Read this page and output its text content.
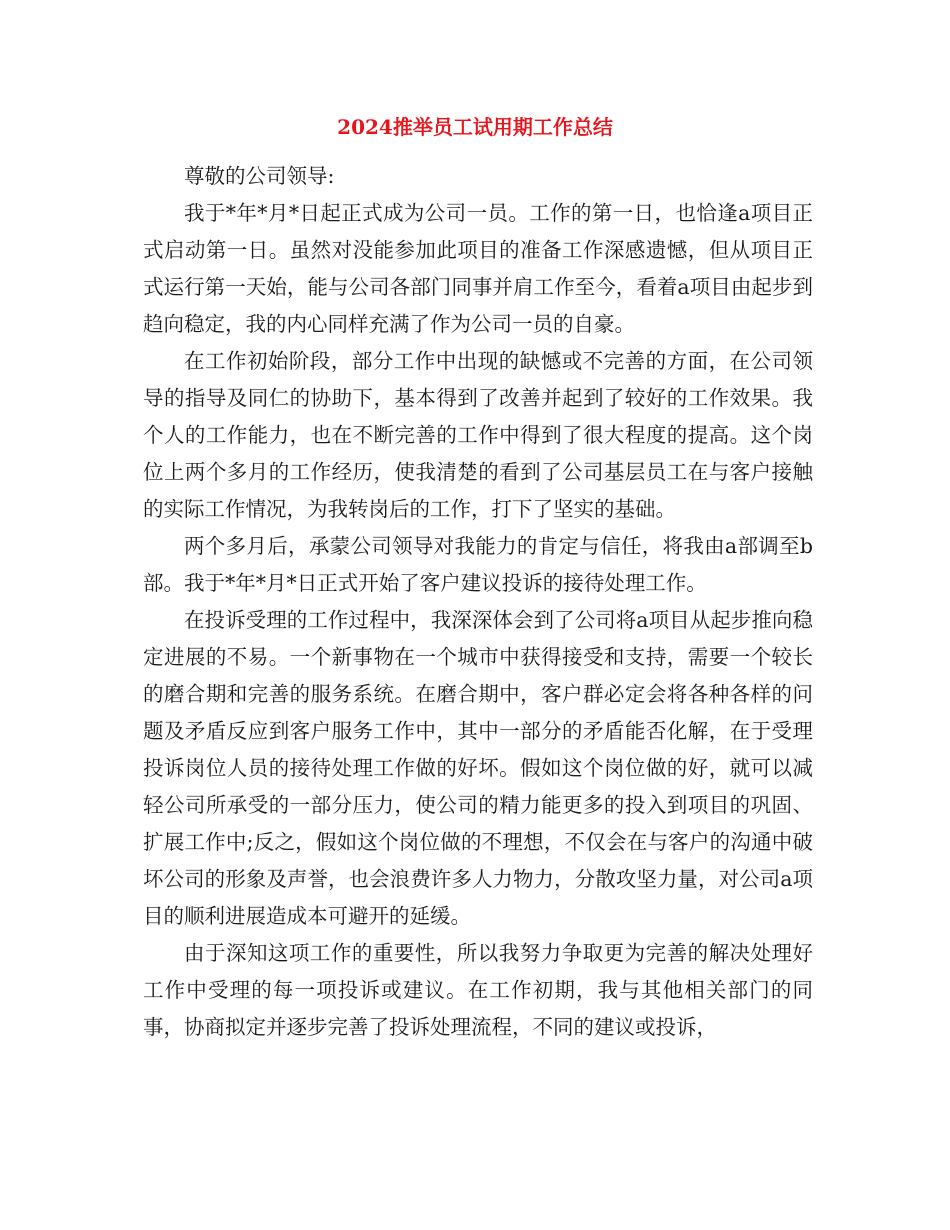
2024推举员工试用期工作总结

尊敬的公司领导:

我于*年*月*日起正式成为公司一员。工作的第一日，也恰逢a项目正式启动第一日。虽然对没能参加此项目的准备工作深感遗憾，但从项目正式运行第一天始，能与公司各部门同事并肩工作至今，看着a项目由起步到趋向稳定，我的内心同样充满了作为公司一员的自豪。

在工作初始阶段，部分工作中出现的缺憾或不完善的方面，在公司领导的指导及同仁的协助下，基本得到了改善并起到了较好的工作效果。我个人的工作能力，也在不断完善的工作中得到了很大程度的提高。这个岗位上两个多月的工作经历，使我清楚的看到了公司基层员工在与客户接触的实际工作情况，为我转岗后的工作，打下了坚实的基础。

两个多月后，承蒙公司领导对我能力的肯定与信任，将我由a部调至b部。我于*年*月*日正式开始了客户建议投诉的接待处理工作。

在投诉受理的工作过程中，我深深体会到了公司将a项目从起步推向稳定进展的不易。一个新事物在一个城市中获得接受和支持，需要一个较长的磨合期和完善的服务系统。在磨合期中，客户群必定会将各种各样的问题及矛盾反应到客户服务工作中，其中一部分的矛盾能否化解，在于受理投诉岗位人员的接待处理工作做的好坏。假如这个岗位做的好，就可以减轻公司所承受的一部分压力，使公司的精力能更多的投入到项目的巩固、扩展工作中;反之，假如这个岗位做的不理想，不仅会在与客户的沟通中破坏公司的形象及声誉，也会浪费许多人力物力，分散攻坚力量，对公司a项目的顺利进展造成本可避开的延缓。

由于深知这项工作的重要性，所以我努力争取更为完善的解决处理好工作中受理的每一项投诉或建议。在工作初期，我与其他相关部门的同事，协商拟定并逐步完善了投诉处理流程，不同的建议或投诉，
